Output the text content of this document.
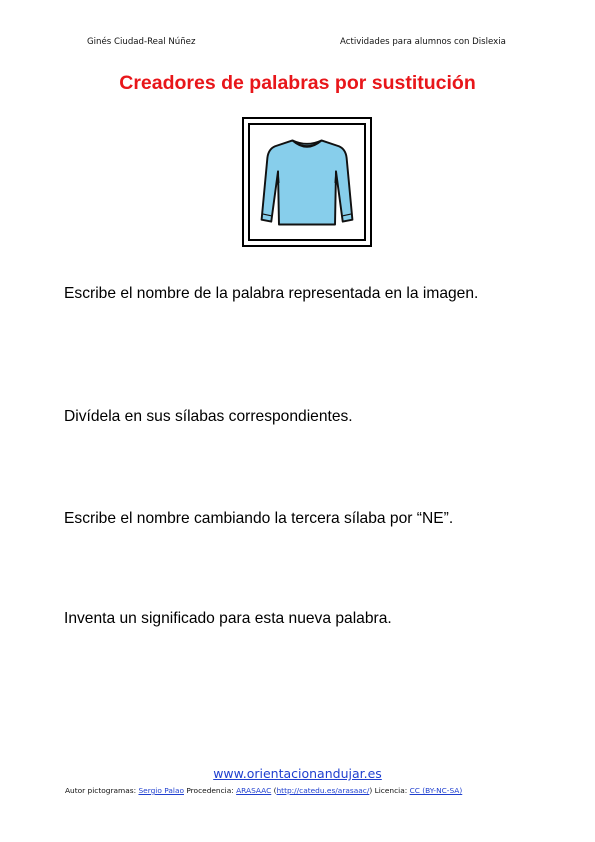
Ginés Ciudad-Real Núñez	Actividades para alumnos con Dislexia
Creadores de palabras por sustitución
Escribe el nombre de la palabra representada en la imagen.
Divídela en sus sílabas correspondientes.
Escribe el nombre cambiando la tercera sílaba por “NE”.
Inventa un significado para esta nueva palabra.
www.orientacionandujar.es
Autor pictogramas: Sergio Palao Procedencia: ARASAAC (http://catedu.es/arasaac/) Licencia: CC (BY-NC-SA)
